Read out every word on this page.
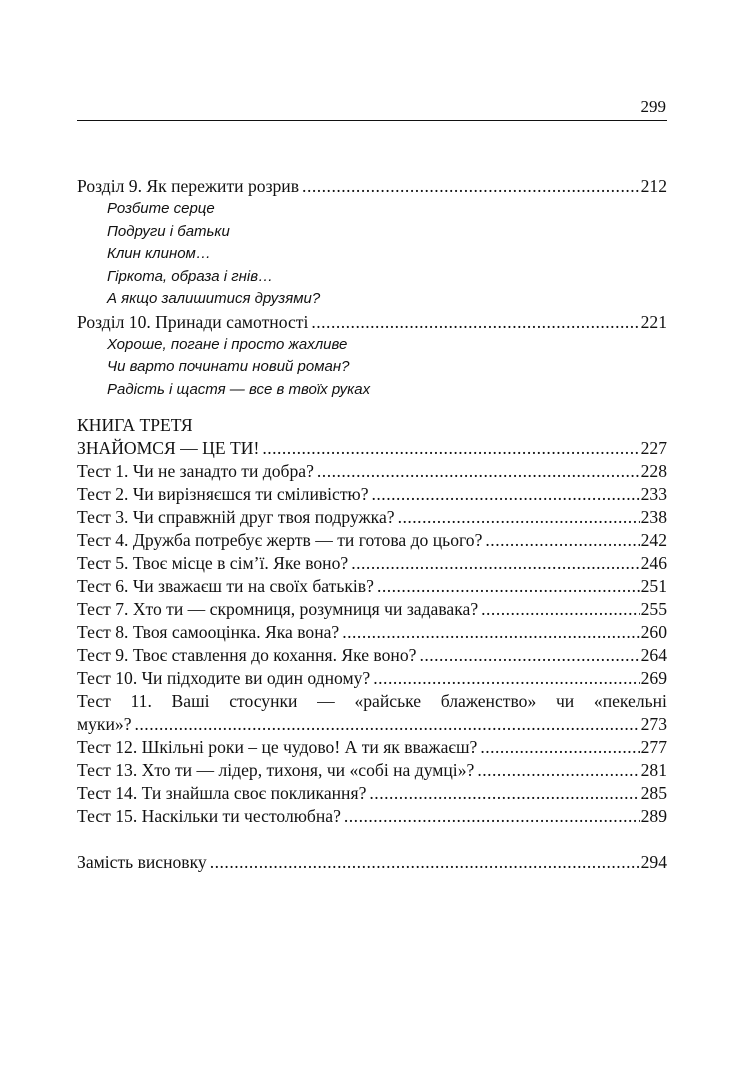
299
Розділ 9. Як пережити розрив .....	212
Розбите серце
Подруги і батьки
Клин клином…
Гіркота, образа і гнів…
А якщо залишитися друзями?
Розділ 10. Принади самотності .....	221
Хороше, погане і просто жахливе
Чи варто починати новий роман?
Радість і щастя — все в твоїх руках
КНИГА ТРЕТЯ
ЗНАЙОМСЯ — ЦЕ ТИ! .....	227
Тест 1. Чи не занадто ти добра? .....	228
Тест 2. Чи вирізняєшся ти сміливістю? .....	233
Тест 3. Чи справжній друг твоя подружка? .....	238
Тест 4. Дружба потребує жертв — ти готова до цього? .....	242
Тест 5. Твоє місце в сім’ї. Яке воно? .....	246
Тест 6. Чи зважаєш ти на своїх батьків? .....	251
Тест 7. Хто ти — скромниця, розумниця чи задавака? .....	255
Тест 8. Твоя самооцінка. Яка вона? .....	260
Тест 9. Твоє ставлення до кохання. Яке воно? .....	264
Тест 10. Чи підходите ви один одному? .....	269
Тест 11. Ваші стосунки — «райське блаженство» чи «пекельні
муки»? .....	273
Тест 12. Шкільні роки – це чудово! А ти як вважаєш? .....	277
Тест 13. Хто ти — лідер, тихоня, чи «собі на думці»? .....	281
Тест 14. Ти знайшла своє покликання? .....	285
Тест 15. Наскільки ти честолюбна? .....	289
Замість висновку .....	294
